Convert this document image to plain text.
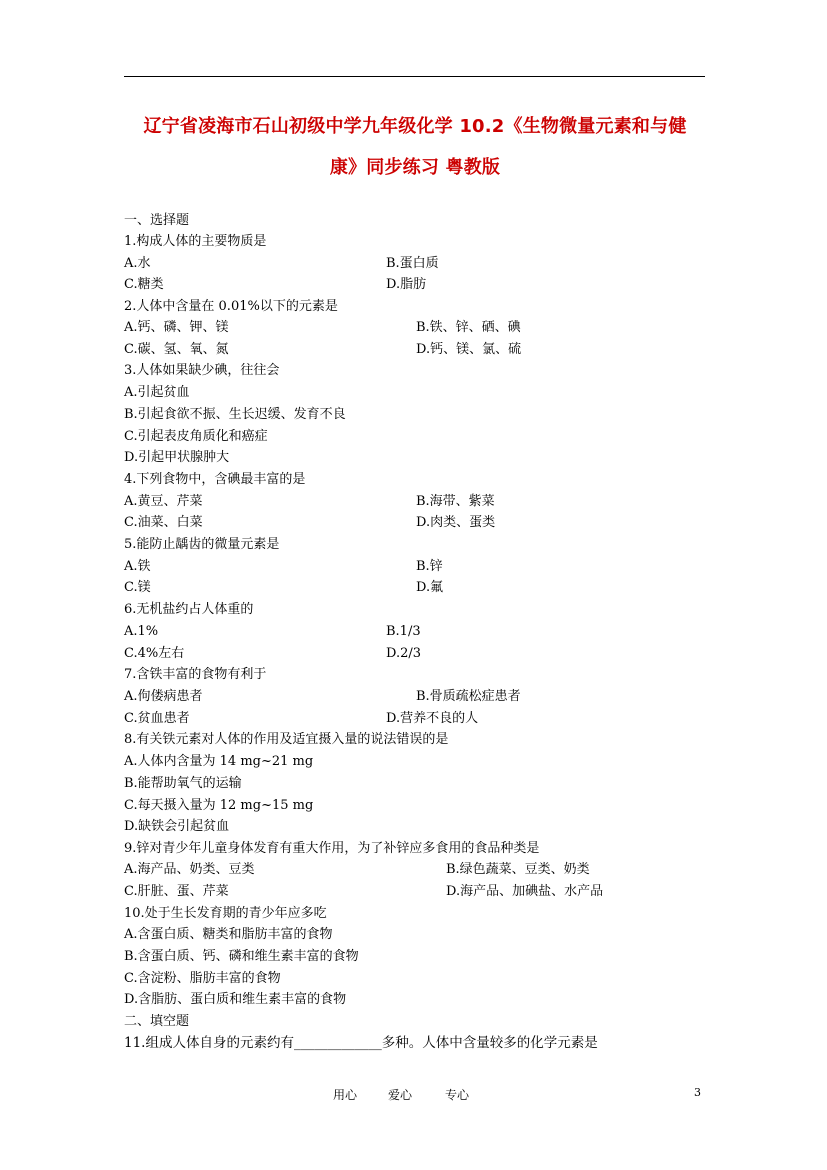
辽宁省凌海市石山初级中学九年级化学 10.2《生物微量元素和与健
康》同步练习 粤教版
一、选择题
1.构成人体的主要物质是
A.水	B.蛋白质
C.糖类	D.脂肪
2.人体中含量在 0.01%以下的元素是
A.钙、磷、钾、镁	B.铁、锌、硒、碘
C.碳、氢、氧、氮	D.钙、镁、氯、硫
3.人体如果缺少碘，往往会
A.引起贫血
B.引起食欲不振、生长迟缓、发育不良
C.引起表皮角质化和癌症
D.引起甲状腺肿大
4.下列食物中，含碘最丰富的是
A.黄豆、芹菜	B.海带、紫菜
C.油菜、白菜	D.肉类、蛋类
5.能防止龋齿的微量元素是
A.铁	B.锌
C.镁	D.氟
6.无机盐约占人体重的
A.1%	B.1/3
C.4%左右	D.2/3
7.含铁丰富的食物有利于
A.佝偻病患者	B.骨质疏松症患者
C.贫血患者	D.营养不良的人
8.有关铁元素对人体的作用及适宜摄入量的说法错误的是
A.人体内含量为 14 mg~21 mg
B.能帮助氧气的运输
C.每天摄入量为 12 mg~15 mg
D.缺铁会引起贫血
9.锌对青少年儿童身体发育有重大作用，为了补锌应多食用的食品种类是
A.海产品、奶类、豆类	B.绿色蔬菜、豆类、奶类
C.肝脏、蛋、芹菜	D.海产品、加碘盐、水产品
10.处于生长发育期的青少年应多吃
A.含蛋白质、糖类和脂肪丰富的食物
B.含蛋白质、钙、磷和维生素丰富的食物
C.含淀粉、脂肪丰富的食物
D.含脂肪、蛋白质和维生素丰富的食物
二、填空题
11.组成人体自身的元素约有_____________多种。人体中含量较多的化学元素是
用心	爱心	专心	3
